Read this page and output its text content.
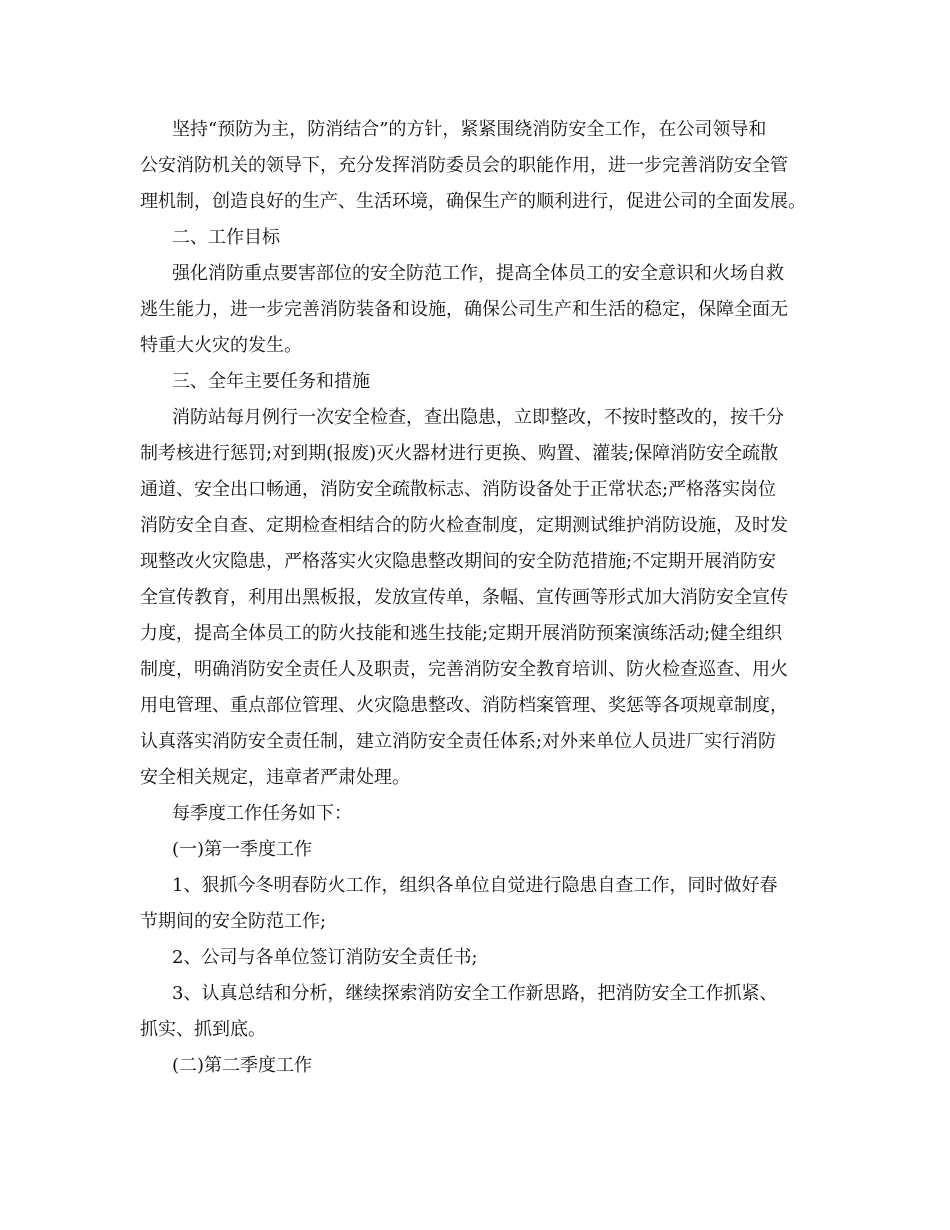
坚持“预防为主，防消结合”的方针，紧紧围绕消防安全工作，在公司领导和
公安消防机关的领导下，充分发挥消防委员会的职能作用，进一步完善消防安全管
理机制，创造良好的生产、生活环境，确保生产的顺利进行，促进公司的全面发展。
二、工作目标
强化消防重点要害部位的安全防范工作，提高全体员工的安全意识和火场自救
逃生能力，进一步完善消防装备和设施，确保公司生产和生活的稳定，保障全面无
特重大火灾的发生。
三、全年主要任务和措施
消防站每月例行一次安全检查，查出隐患，立即整改，不按时整改的，按千分
制考核进行惩罚;对到期(报废)灭火器材进行更换、购置、灌装;保障消防安全疏散
通道、安全出口畅通，消防安全疏散标志、消防设备处于正常状态;严格落实岗位
消防安全自查、定期检查相结合的防火检查制度，定期测试维护消防设施，及时发
现整改火灾隐患，严格落实火灾隐患整改期间的安全防范措施;不定期开展消防安
全宣传教育，利用出黑板报，发放宣传单，条幅、宣传画等形式加大消防安全宣传
力度，提高全体员工的防火技能和逃生技能;定期开展消防预案演练活动;健全组织
制度，明确消防安全责任人及职责，完善消防安全教育培训、防火检查巡查、用火
用电管理、重点部位管理、火灾隐患整改、消防档案管理、奖惩等各项规章制度，
认真落实消防安全责任制，建立消防安全责任体系;对外来单位人员进厂实行消防
安全相关规定，违章者严肃处理。
每季度工作任务如下：
(一)第一季度工作
1、狠抓今冬明春防火工作，组织各单位自觉进行隐患自查工作，同时做好春
节期间的安全防范工作;
2、公司与各单位签订消防安全责任书;
3、认真总结和分析，继续探索消防安全工作新思路，把消防安全工作抓紧、
抓实、抓到底。
(二)第二季度工作
